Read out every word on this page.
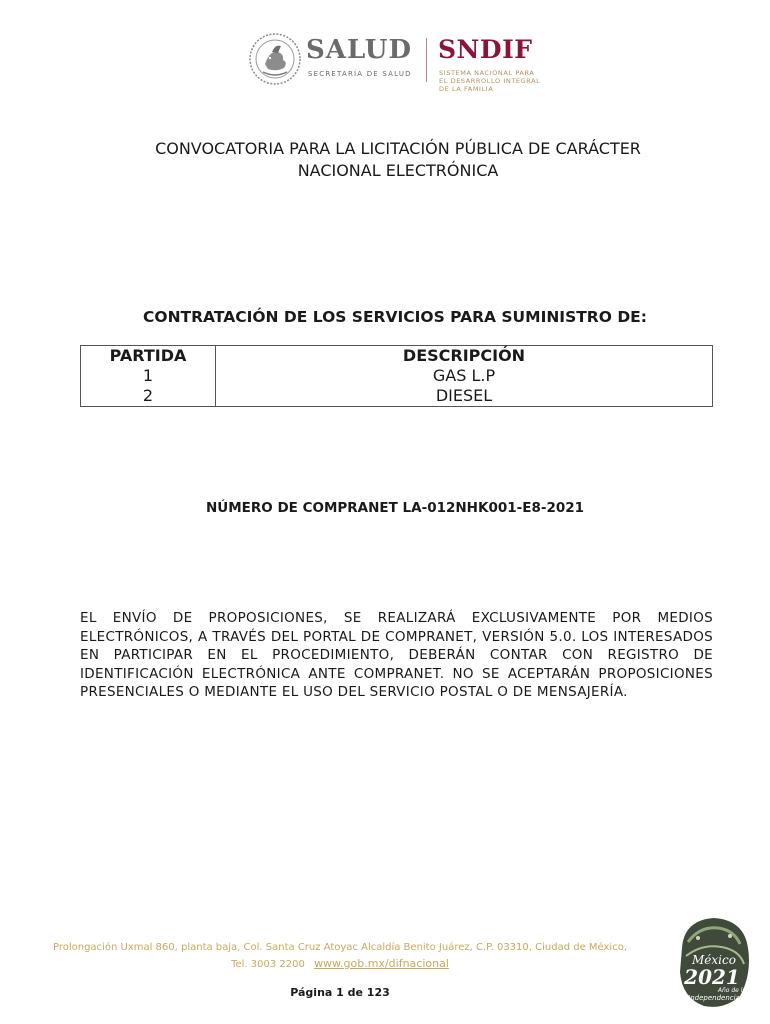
SALUD
SECRETARÍA DE SALUD
SNDIF
SISTEMA NACIONAL PARA
EL DESARROLLO INTEGRAL
DE LA FAMILIA
CONVOCATORIA PARA LA LICITACIÓN PÚBLICA DE CARÁCTER
NACIONAL ELECTRÓNICA
CONTRATACIÓN DE LOS SERVICIOS PARA SUMINISTRO DE:
PARTIDA	DESCRIPCIÓN
1	GAS L.P
2	DIESEL

NÚMERO DE COMPRANET LA-012NHK001-E8-2021

EL ENVÍO DE PROPOSICIONES, SE REALIZARÁ EXCLUSIVAMENTE POR MEDIOS ELECTRÓNICOS, A TRAVÉS DEL PORTAL DE COMPRANET, VERSIÓN 5.0. LOS INTERESADOS EN PARTICIPAR EN EL PROCEDIMIENTO, DEBERÁN CONTAR CON REGISTRO DE IDENTIFICACIÓN ELECTRÓNICA ANTE COMPRANET. NO SE ACEPTARÁN PROPOSICIONES PRESENCIALES O MEDIANTE EL USO DEL SERVICIO POSTAL O DE MENSAJERÍA.

Prolongación Uxmal 860, planta baja, Col. Santa Cruz Atoyac Alcaldía Benito Juárez, C.P. 03310, Ciudad de México,
Tel. 3003 2200 www.gob.mx/difnacional

Página 1 de 123

México
2021
Año de la
Independencia
